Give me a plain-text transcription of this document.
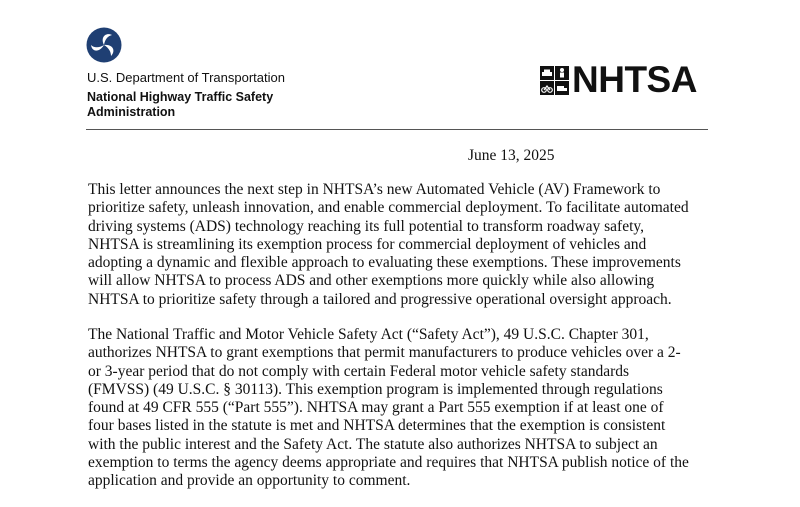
U.S. Department of Transportation
National Highway Traffic Safety
Administration
NHTSA
June 13, 2025
This letter announces the next step in NHTSA’s new Automated Vehicle (AV) Framework to
prioritize safety, unleash innovation, and enable commercial deployment. To facilitate automated
driving systems (ADS) technology reaching its full potential to transform roadway safety,
NHTSA is streamlining its exemption process for commercial deployment of vehicles and
adopting a dynamic and flexible approach to evaluating these exemptions. These improvements
will allow NHTSA to process ADS and other exemptions more quickly while also allowing
NHTSA to prioritize safety through a tailored and progressive operational oversight approach.
The National Traffic and Motor Vehicle Safety Act (“Safety Act”), 49 U.S.C. Chapter 301,
authorizes NHTSA to grant exemptions that permit manufacturers to produce vehicles over a 2-
or 3-year period that do not comply with certain Federal motor vehicle safety standards
(FMVSS) (49 U.S.C. § 30113). This exemption program is implemented through regulations
found at 49 CFR 555 (“Part 555”). NHTSA may grant a Part 555 exemption if at least one of
four bases listed in the statute is met and NHTSA determines that the exemption is consistent
with the public interest and the Safety Act. The statute also authorizes NHTSA to subject an
exemption to terms the agency deems appropriate and requires that NHTSA publish notice of the
application and provide an opportunity to comment.
